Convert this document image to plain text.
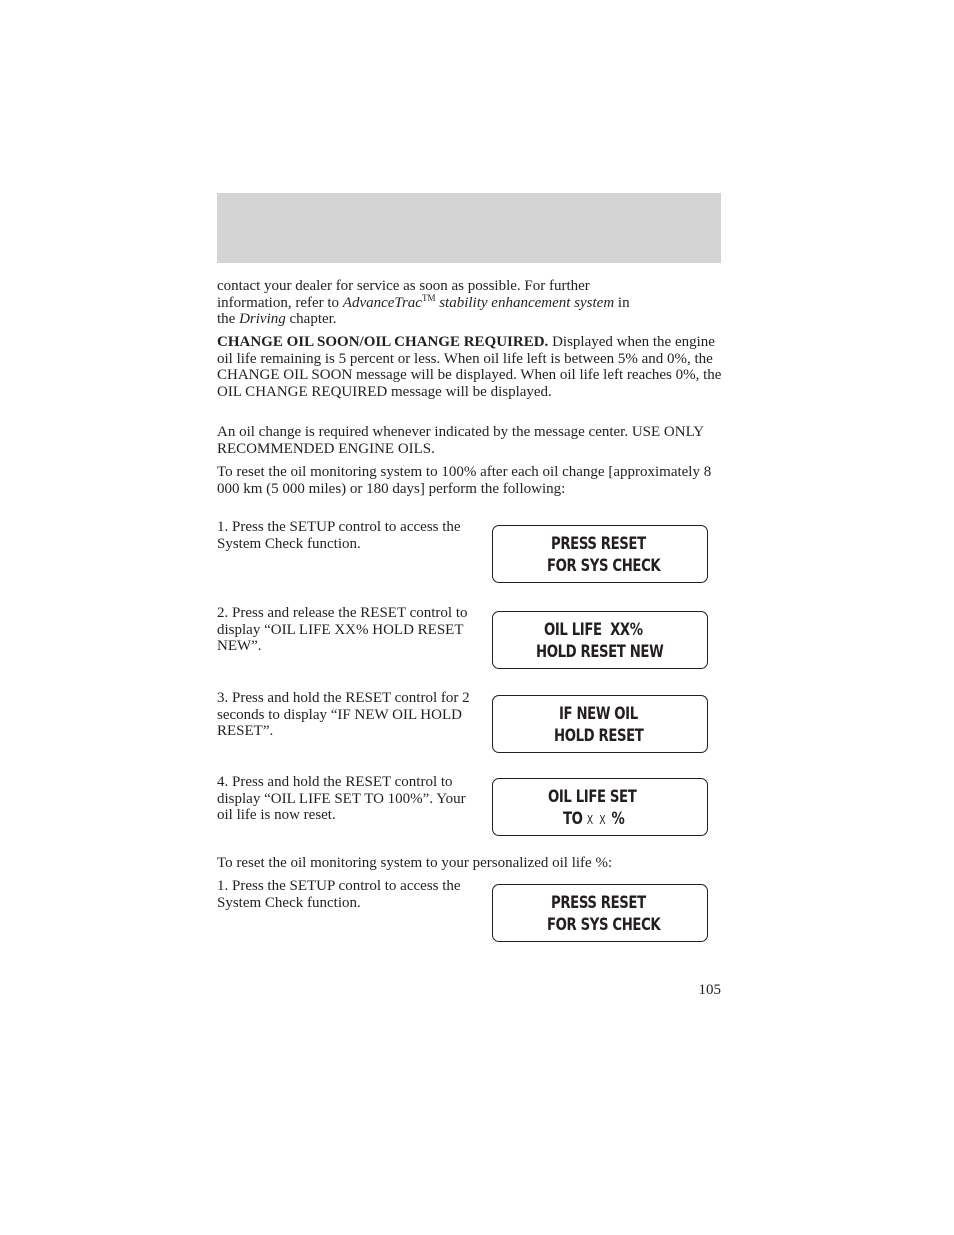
contact your dealer for service as soon as possible. For further
information, refer to AdvanceTrac™ stability enhancement system in
the Driving chapter.

CHANGE OIL SOON/OIL CHANGE REQUIRED. Displayed when the engine oil life remaining is 5 percent or less. When oil life left is between 5% and 0%, the CHANGE OIL SOON message will be displayed. When oil life left reaches 0%, the OIL CHANGE REQUIRED message will be displayed.

An oil change is required whenever indicated by the message center. USE ONLY RECOMMENDED ENGINE OILS.

To reset the oil monitoring system to 100% after each oil change [approximately 8 000 km (5 000 miles) or 180 days] perform the following:

1. Press the SETUP control to access the System Check function.	PRESS RESET
FOR SYS CHECK

2. Press and release the RESET control to display “OIL LIFE XX% HOLD RESET NEW”.

OIL LIFE  XX%
HOLD RESET NEW

3. Press and hold the RESET control for 2 seconds to display “IF NEW OIL HOLD RESET”.

IF NEW OIL
HOLD RESET

4. Press and hold the RESET control to display “OIL LIFE SET TO 100%”. Your oil life is now reset.

OIL LIFE SET
TO X X %

To reset the oil monitoring system to your personalized oil life %:

1. Press the SETUP control to access the System Check function.	PRESS RESET
FOR SYS CHECK
105
